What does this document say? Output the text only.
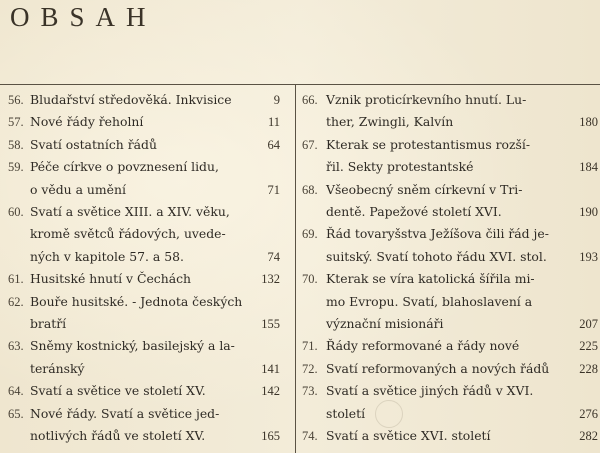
OBSAH
56. Bludařství středověká. Inkvisice	9
57. Nové řády řeholní	11
58. Svatí ostatních řádů	64
59. Péče církve o povznesení lidu,
o vědu a umění	71
60. Svatí a světice XIII. a XIV. věku,
kromě světců řádových, uvede-
ných v kapitole 57. a 58.	74
61. Husitské hnutí v Čechách	132
62. Bouře husitské. - Jednota českých
bratří	155
63. Sněmy kostnický, basilejský a la-
teránský	141
64. Svatí a světice ve století XV.	142
65. Nové řády. Svatí a světice jed-
notlivých řádů ve století XV.	165
66. Vznik proticírkevního hnutí. Lu-
ther, Zwingli, Kalvín	180
67. Kterak se protestantismus rozší-
řil. Sekty protestantské	184
68. Všeobecný sněm církevní v Tri-
dentě. Papežové století XVI.	190
69. Řád tovaryšstva Ježíšova čili řád je-
suitský. Svatí tohoto řádu XVI. stol.	193
70. Kterak se víra katolická šířila mi-
mo Evropu. Svatí, blahoslavení a
význační misionáři	207
71. Řády reformované a řády nové	225
72. Svatí reformovaných a nových řádů	228
73. Svatí a světice jiných řádů v XVI.
století	276
74. Svatí a světice XVI. století	282
